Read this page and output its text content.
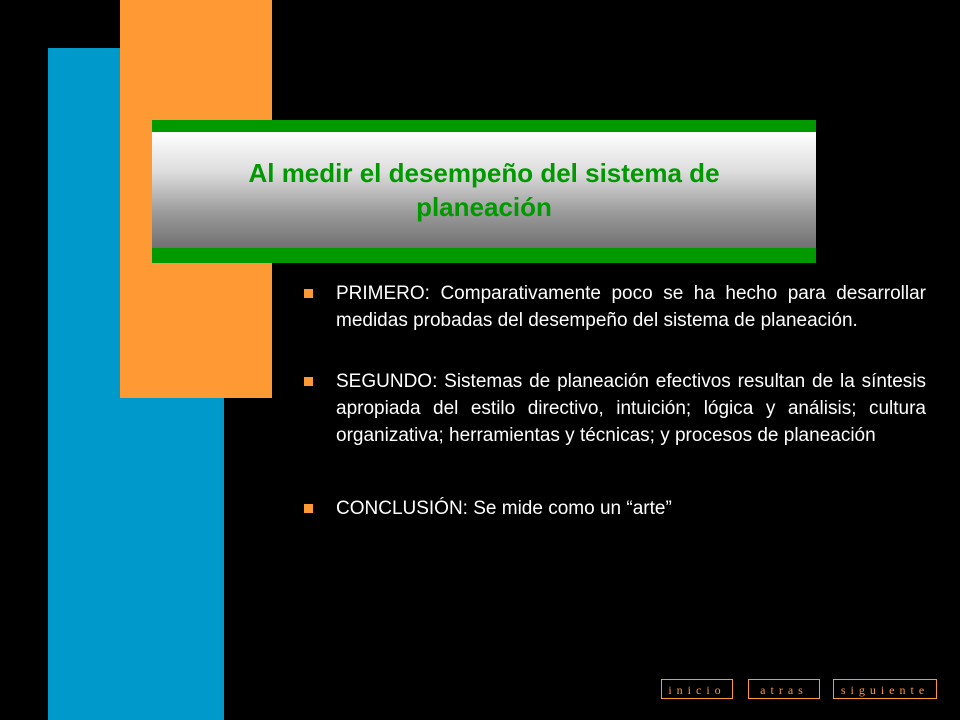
Al medir el desempeño del sistema de planeación
PRIMERO: Comparativamente poco se ha hecho para desarrollar medidas probadas del desempeño del sistema de planeación.
SEGUNDO: Sistemas de planeación efectivos resultan de la síntesis apropiada del estilo directivo, intuición; lógica y análisis; cultura organizativa; herramientas y técnicas; y procesos de planeación
CONCLUSIÓN: Se mide como un “arte”
inicio	atras	siguiente
